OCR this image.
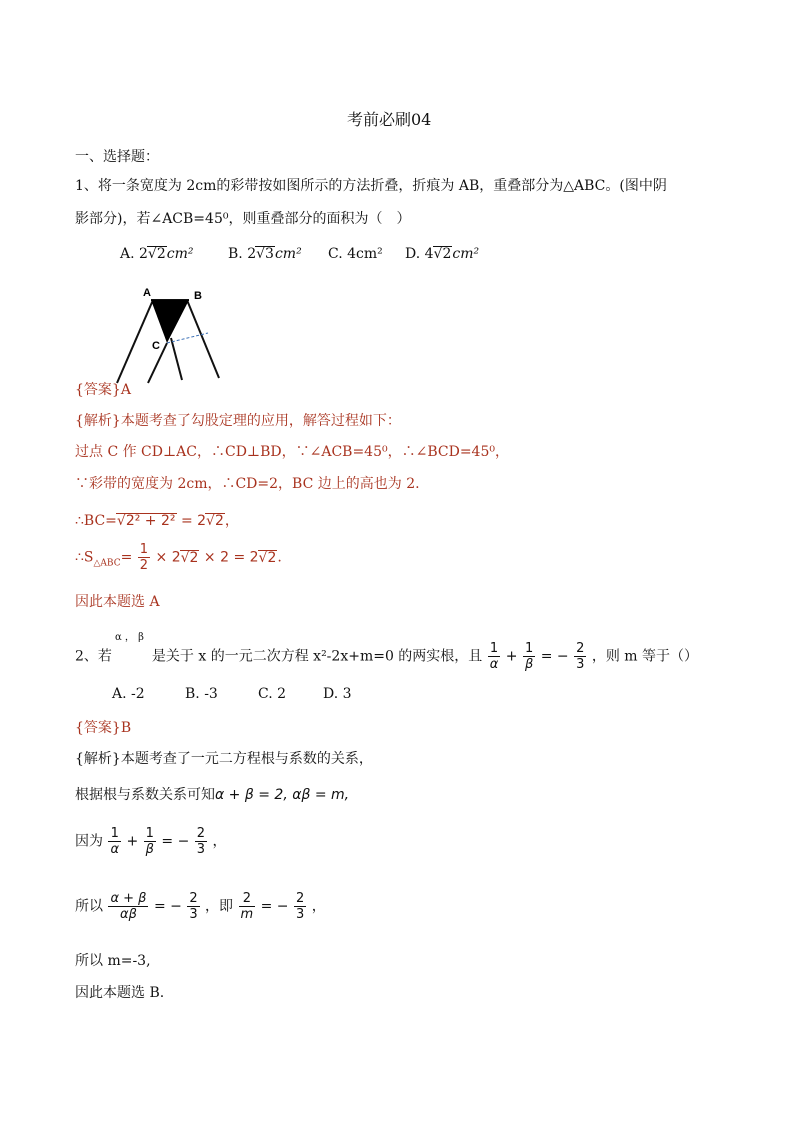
考前必刷04
一、选择题：
1、将一条宽度为 2cm的彩带按如图所示的方法折叠，折痕为 AB，重叠部分为△ABC。(图中阴
影部分)，若∠ACB=45⁰，则重叠部分的面积为（　）
A. 2√2cm² B. 2√3cm² C. 4cm² D. 4√2cm²
A	B
C
{答案}A
{解析}本题考查了勾股定理的应用，解答过程如下：
过点 C 作 CD⊥AC，∴CD⊥BD，∵∠ACB=45⁰，∴∠BCD=45⁰，
∵彩带的宽度为 2cm，∴CD=2，BC 边上的高也为 2.
∴BC=√2² + 2² = 2√2，
$\therefore S_{\triangle ABC}= \frac{1}{2} \times 2√2 \times 2 = 2√2$.
因此本题选 A
α ， β
2、若	是关于 x 的一元二次方程 x²-2x+m=0 的两实根，且 $\frac{1}{\alpha} + \frac{1}{\beta}$ = − $\frac{2}{3}$ ，则 m 等于（）
A. -2	B. -3	C. 2	D. 3
{答案}B
{解析}本题考查了一元二方程根与系数的关系，
根据根与系数关系可知α + β = 2, αβ = m,
因为 $\frac{1}{\alpha} + \frac{1}{\beta}$ = − $\frac{2}{3}$ ，
所以 $\frac{\alpha + \beta}{\alpha\beta}$ = − $\frac{2}{3}$ ，即 $\frac{2}{m}$ = − $\frac{2}{3}$ ，
所以 m=-3,
因此本题选 B.
